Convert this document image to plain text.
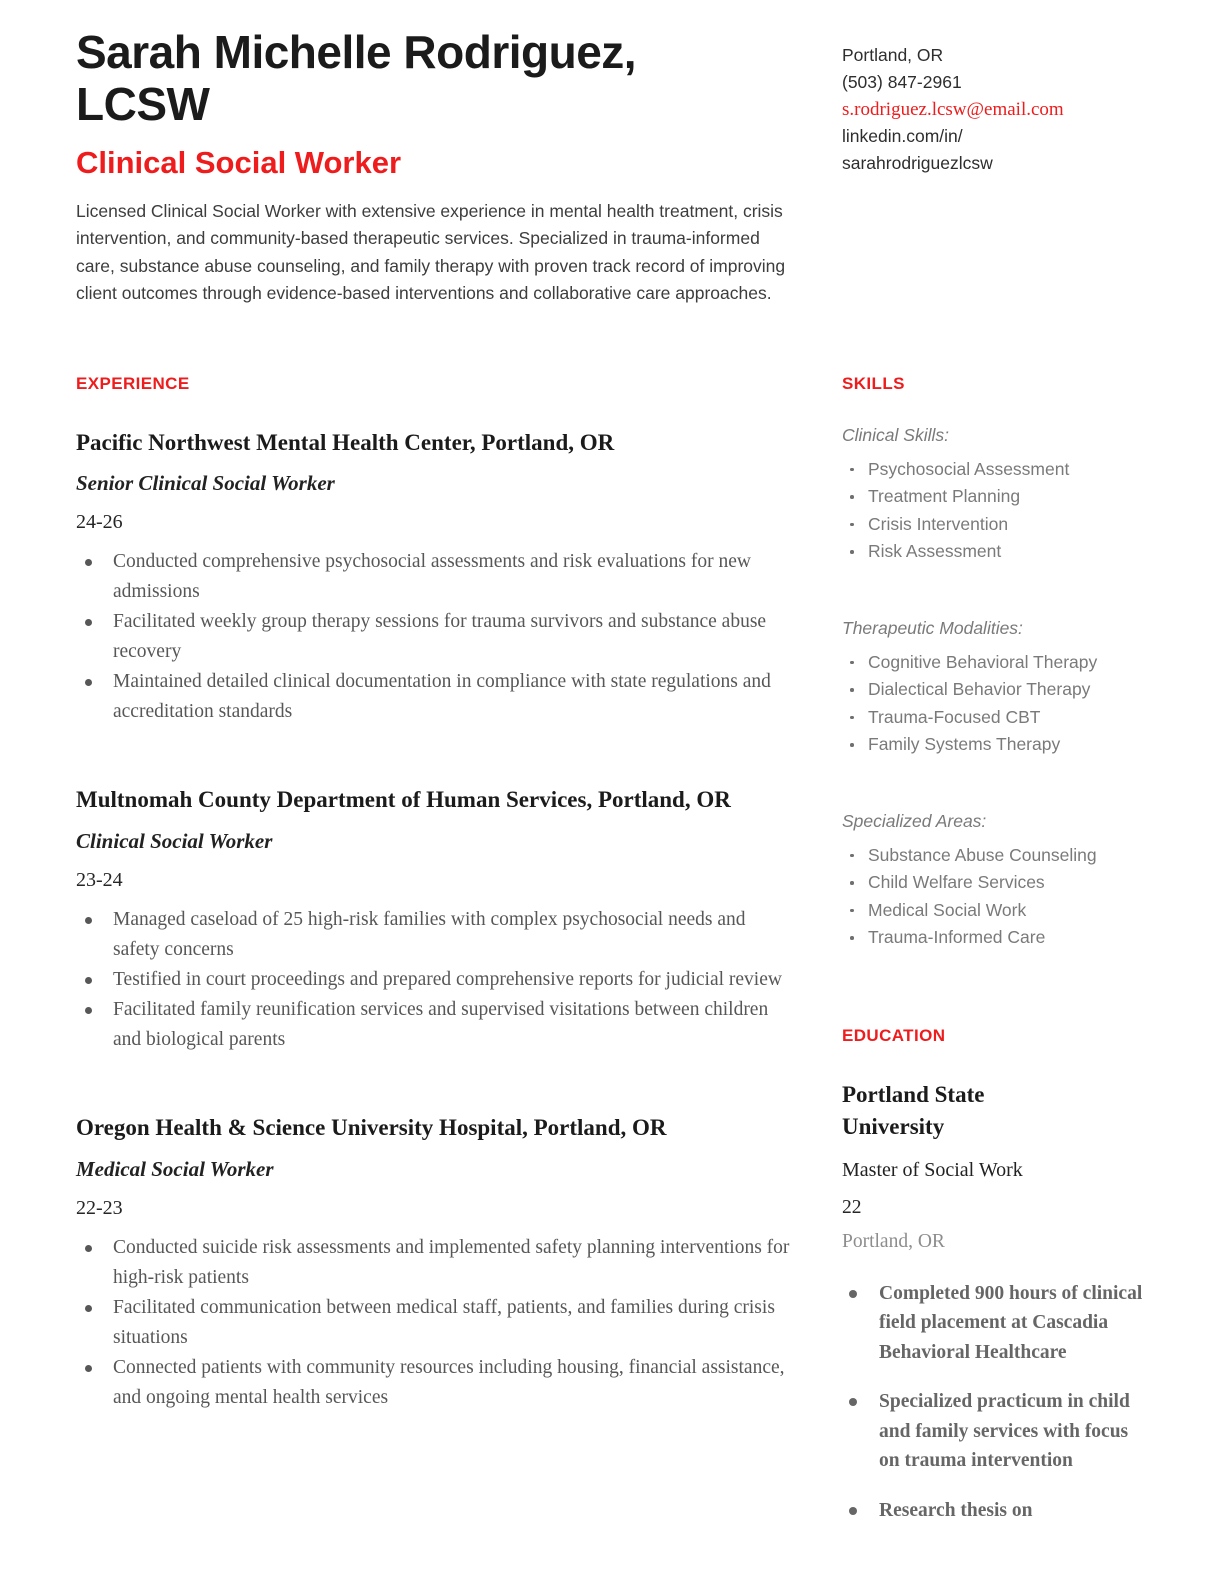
Sarah Michelle Rodriguez, LCSW
Clinical Social Worker

Licensed Clinical Social Worker with extensive experience in mental health treatment, crisis intervention, and community-based therapeutic services. Specialized in trauma-informed care, substance abuse counseling, and family therapy with proven track record of improving client outcomes through evidence-based interventions and collaborative care approaches.

Portland, OR
(503) 847-2961
s.rodriguez.lcsw@email.com
linkedin.com/in/
sarahrodriguezlcsw
EXPERIENCE
Pacific Northwest Mental Health Center, Portland, OR
Senior Clinical Social Worker
24-26
Conducted comprehensive psychosocial assessments and risk evaluations for new admissions
Facilitated weekly group therapy sessions for trauma survivors and substance abuse recovery
Maintained detailed clinical documentation in compliance with state regulations and accreditation standards
Multnomah County Department of Human Services, Portland, OR
Clinical Social Worker
23-24
Managed caseload of 25 high-risk families with complex psychosocial needs and safety concerns
Testified in court proceedings and prepared comprehensive reports for judicial review
Facilitated family reunification services and supervised visitations between children and biological parents
Oregon Health & Science University Hospital, Portland, OR
Medical Social Worker
22-23
Conducted suicide risk assessments and implemented safety planning interventions for high-risk patients
Facilitated communication between medical staff, patients, and families during crisis situations
Connected patients with community resources including housing, financial assistance, and ongoing mental health services
SKILLS
Clinical Skills:
Psychosocial Assessment
Treatment Planning
Crisis Intervention
Risk Assessment
Therapeutic Modalities:
Cognitive Behavioral Therapy
Dialectical Behavior Therapy
Trauma-Focused CBT
Family Systems Therapy
Specialized Areas:
Substance Abuse Counseling
Child Welfare Services
Medical Social Work
Trauma-Informed Care
EDUCATION
Portland State University
Master of Social Work
22
Portland, OR
Completed 900 hours of clinical field placement at Cascadia Behavioral Healthcare
Specialized practicum in child and family services with focus on trauma intervention
Research thesis on
